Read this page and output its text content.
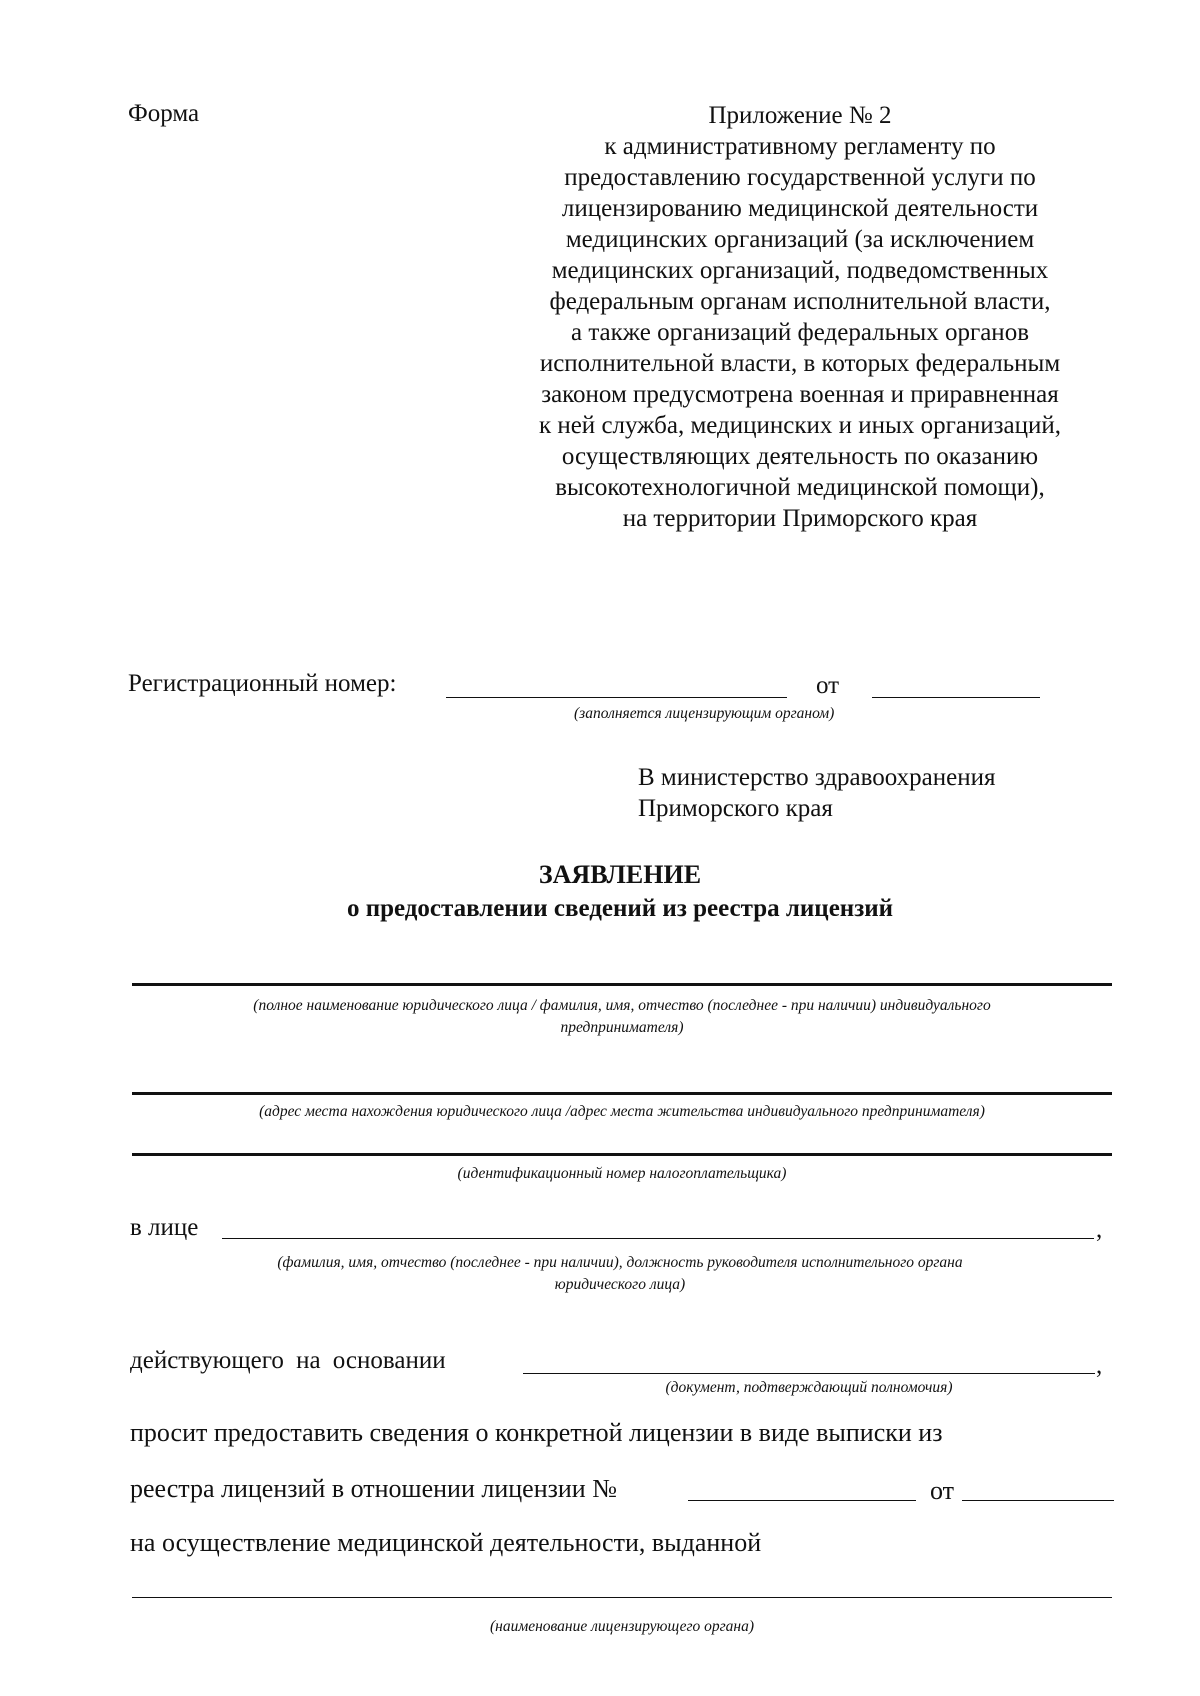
Форма	Приложение № 2
к административному регламенту по
предоставлению государственной услуги по
лицензированию медицинской деятельности
медицинских организаций (за исключением
медицинских организаций, подведомственных
федеральным органам исполнительной власти,
а также организаций федеральных органов
исполнительной власти, в которых федеральным
законом предусмотрена военная и приравненная
к ней служба, медицинских и иных организаций,
осуществляющих деятельность по оказанию
высокотехнологичной медицинской помощи),
на территории Приморского края
Регистрационный номер:	от
(заполняется лицензирующим органом)
В министерство здравоохранения
Приморского края
ЗАЯВЛЕНИЕ
о предоставлении сведений из реестра лицензий
(полное наименование юридического лица / фамилия, имя, отчество (последнее - при наличии) индивидуального
предпринимателя)
(адрес места нахождения юридического лица /адрес места жительства индивидуального предпринимателя)
(идентификационный номер налогоплательщика)
в лице	,
(фамилия, имя, отчество (последнее - при наличии), должность руководителя исполнительного органа
юридического лица)
действующего на основании	,
(документ, подтверждающий полномочия)
просит предоставить сведения о конкретной лицензии в виде выписки из
реестра лицензий в отношении лицензии №	от
на осуществление медицинской деятельности, выданной
(наименование лицензирующего органа)
